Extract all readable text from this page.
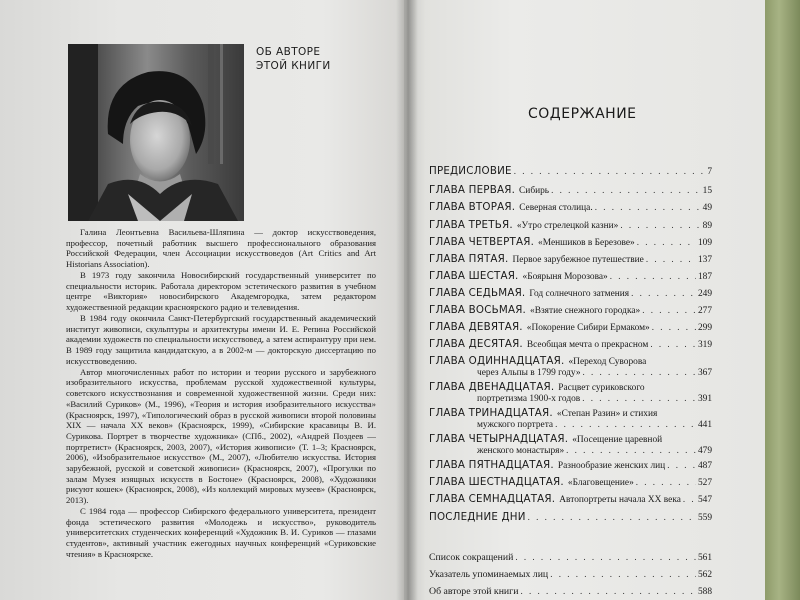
ОБ АВТОРЕ
ЭТОЙ КНИГИ

Галина Леонтьевна Васильева-Шляпина — доктор искусствоведения, профессор, почетный работник высшего профессионального образования Российской Федерации, член Ассоциации искусствоведов (Art Critics and Art Historians Association).

В 1973 году закончила Новосибирский государственный университет по специальности историк. Работала директором эстетического развития в учебном центре «Виктория» новосибирского Академгородка, затем редактором художественной редакции красноярского радио и телевидения.

В 1984 году окончила Санкт-Петербургский государственный академический институт живописи, скульптуры и архитектуры имени И. Е. Репина Российской академии художеств по специальности искусствовед, а затем аспирантуру при нем. В 1989 году защитила кандидатскую, а в 2002-м — докторскую диссертацию по искусствоведению.

Автор многочисленных работ по истории и теории русского и зарубежного изобразительного искусства, проблемам русской художественной культуры, советского искусствознания и современной художественной жизни. Среди них: «Василий Суриков» (М., 1996), «Теория и история изобразительного искусства» (Красноярск, 1997), «Типологический образ в русской живописи второй половины XIX — начала XX веков» (Красноярск, 1999), «Сибирские красавицы В. И. Сурикова. Портрет в творчестве художника» (СПб., 2002), «Андрей Поздеев — портретист» (Красноярск, 2003, 2007), «История живописи» (Т. 1–3; Красноярск, 2006), «Изобразительное искусство» (М., 2007), «Любителю искусства. История зарубежной, русской и советской живописи» (Красноярск, 2007), «Прогулки по залам Музея изящных искусств в Бостоне» (Красноярск, 2008), «Художники рисуют кошек» (Красноярск, 2008), «Из коллекций мировых музеев» (Красноярск, 2013).

С 1984 года — профессор Сибирского федерального университета, президент фонда эстетического развития «Молодежь и искусство», руководитель университетских студенческих конференций «Художник В. И. Суриков — глазами студентов», активный участник ежегодных научных конференций «Суриковские чтения» в Красноярске.

СОДЕРЖАНИЕ
ПРЕДИСЛОВИЕ . . .	7
ГЛАВА ПЕРВАЯ. Сибирь . . .	15
ГЛАВА ВТОРАЯ. Северная столица. . . .	49
ГЛАВА ТРЕТЬЯ. «Утро стрелецкой казни» . . .	89
ГЛАВА ЧЕТВЕРТАЯ. «Меншиков в Березове» . . .	109
ГЛАВА ПЯТАЯ. Первое зарубежное путешествие . . .	137
ГЛАВА ШЕСТАЯ. «Боярыня Морозова» . . .	187
ГЛАВА СЕДЬМАЯ. Год солнечного затмения . . .	249
ГЛАВА ВОСЬМАЯ. «Взятие снежного городка» . . .	277
ГЛАВА ДЕВЯТАЯ. «Покорение Сибири Ермаком» . . .	299
ГЛАВА ДЕСЯТАЯ. Всеобщая мечта о прекрасном . . .	319
ГЛАВА ОДИННАДЦАТАЯ. «Переход Суворова
через Альпы в 1799 году» . . .	367
ГЛАВА ДВЕНАДЦАТАЯ. Расцвет суриковского
портретизма 1900-х годов . . .	391
ГЛАВА ТРИНАДЦАТАЯ. «Степан Разин» и стихия
мужского портрета . . .	441
ГЛАВА ЧЕТЫРНАДЦАТАЯ. «Посещение царевной
женского монастыря» . . .	479
ГЛАВА ПЯТНАДЦАТАЯ. Разнообразие женских лиц . . .	487
ГЛАВА ШЕСТНАДЦАТАЯ. «Благовещение» . . .	527
ГЛАВА СЕМНАДЦАТАЯ. Автопортреты начала XX века . . . 547
ПОСЛЕДНИЕ ДНИ . . .	559
Список сокращений . . .	561
Указатель упоминаемых лиц . . .	562
Об авторе этой книги . . .	588
